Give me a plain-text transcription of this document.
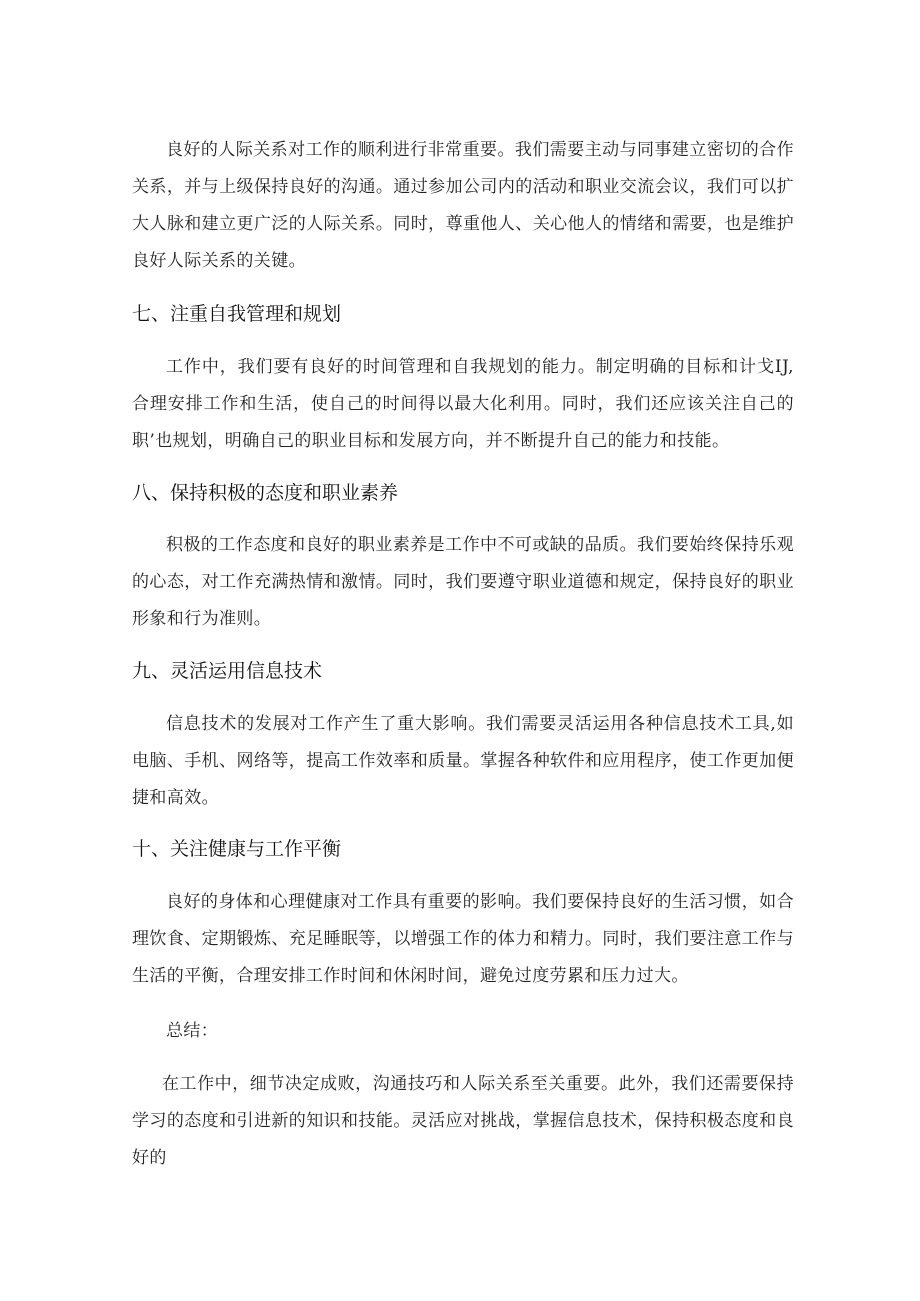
良好的人际关系对工作的顺利进行非常重要。我们需要主动与同事建立密切的合作关系，并与上级保持良好的沟通。通过参加公司内的活动和职业交流会议，我们可以扩大人脉和建立更广泛的人际关系。同时，尊重他人、关心他人的情绪和需要，也是维护良好人际关系的关键。

七、注重自我管理和规划

工作中，我们要有良好的时间管理和自我规划的能力。制定明确的目标和计戈IJ,合理安排工作和生活，使自己的时间得以最大化利用。同时，我们还应该关注自己的职’也规划，明确自己的职业目标和发展方向，并不断提升自己的能力和技能。

八、保持积极的态度和职业素养

积极的工作态度和良好的职业素养是工作中不可或缺的品质。我们要始终保持乐观的心态，对工作充满热情和激情。同时，我们要遵守职业道德和规定，保持良好的职业形象和行为准则。

九、灵活运用信息技术

信息技术的发展对工作产生了重大影响。我们需要灵活运用各种信息技术工具,如电脑、手机、网络等，提高工作效率和质量。掌握各种软件和应用程序，使工作更加便捷和高效。

十、关注健康与工作平衡

良好的身体和心理健康对工作具有重要的影响。我们要保持良好的生活习惯，如合理饮食、定期锻炼、充足睡眠等，以增强工作的体力和精力。同时，我们要注意工作与生活的平衡，合理安排工作时间和休闲时间，避免过度劳累和压力过大。

总结：

在工作中，细节决定成败，沟通技巧和人际关系至关重要。此外，我们还需要保持学习的态度和引进新的知识和技能。灵活应对挑战，掌握信息技术，保持积极态度和良好的
